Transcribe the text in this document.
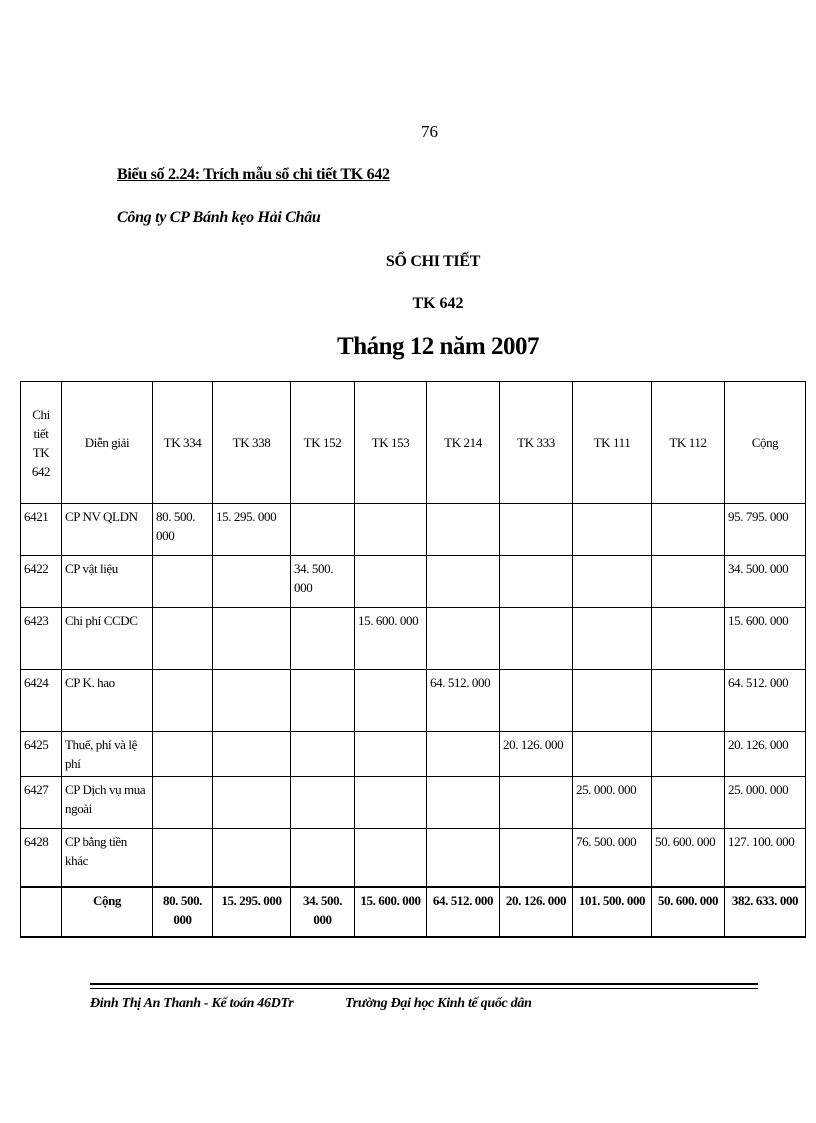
76
Biểu số 2.24: Trích mẫu sổ chi tiết TK 642
Công ty CP Bánh kẹo Hải Châu
SỔ CHI TIẾT
TK 642
Tháng 12 năm 2007
Chi tiết TK 642	Diễn giải	TK 334	TK 338	TK 152	TK 153	TK 214	TK 333	TK 111	TK 112	Cộng
6421	CP NV QLDN	80. 500. 000	15. 295. 000							95. 795. 000
6422	CP vật liệu			34. 500. 000						34. 500. 000
6423	Chi phí CCDC				15. 600. 000					15. 600. 000
6424	CP K. hao					64. 512. 000				64. 512. 000
6425	Thuế, phí và lệ phí						20. 126. 000			20. 126. 000
6427	CP Dịch vụ mua ngoài							25. 000. 000		25. 000. 000
6428	CP bằng tiền khác							76. 500. 000	50. 600. 000	127. 100. 000
	Cộng	80. 500. 000	15. 295. 000	34. 500. 000	15. 600. 000	64. 512. 000	20. 126. 000	101. 500. 000	50. 600. 000	382. 633. 000
Đinh Thị An Thanh - Kế toán 46DTr	Trường Đại học Kinh tế quốc dân
